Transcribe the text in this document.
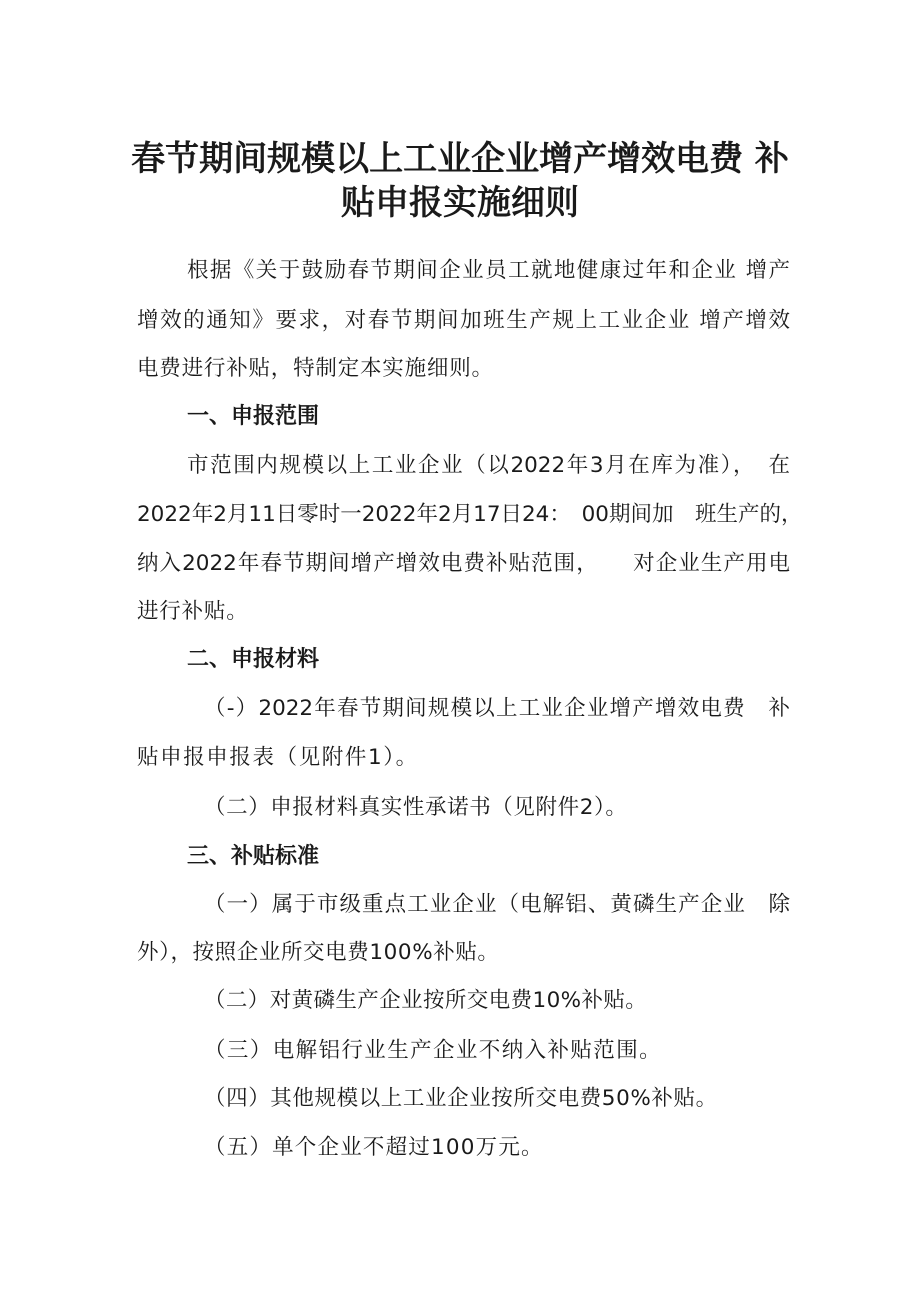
春节期间规模以上工业企业增产增效电费 补
贴申报实施细则
根据《关于鼓励春节期间企业员工就地健康过年和企业 增产
增效的通知》要求，对春节期间加班生产规上工业企业 增产增效
电费进行补贴，特制定本实施细则。
一、申报范围
市范围内规模以上工业企业（以2022年3月在库为准），　在
2022年2月11日零时一2022年2月17日24：　00期间加　班生产的，
纳入2022年春节期间增产增效电费补贴范围，　　对企业生产用电
进行补贴。
二、申报材料
（-）2022年春节期间规模以上工业企业增产增效电费　补
贴申报申报表（见附件1）。
（二）申报材料真实性承诺书（见附件2）。
三、补贴标准
（一）属于市级重点工业企业（电解铝、黄磷生产企业　除
外），按照企业所交电费100%补贴。
（二）对黄磷生产企业按所交电费10%补贴。
（三）电解铝行业生产企业不纳入补贴范围。
（四）其他规模以上工业企业按所交电费50%补贴。
（五）单个企业不超过100万元。
